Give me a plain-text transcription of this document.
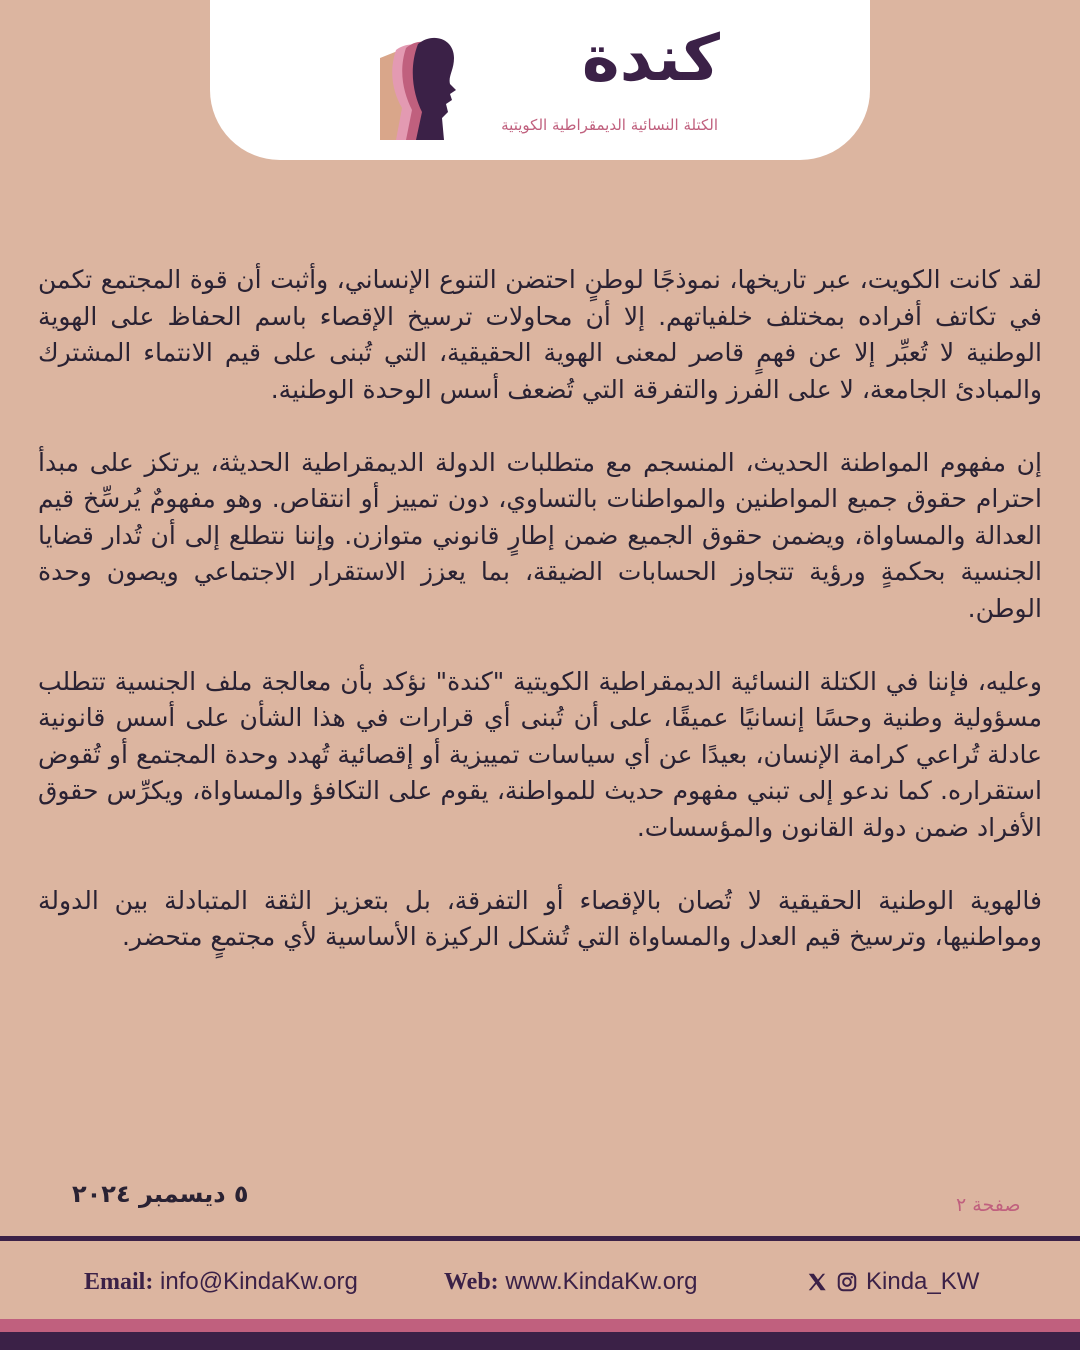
كندة
الكتلة النسائية الديمقراطية الكويتية

لقد كانت الكويت، عبر تاريخها، نموذجًا لوطنٍ احتضن التنوع الإنساني، وأثبت أن قوة المجتمع تكمن في تكاتف أفراده بمختلف خلفياتهم. إلا أن محاولات ترسيخ الإقصاء باسم الحفاظ على الهوية الوطنية لا تُعبِّر إلا عن فهمٍ قاصر لمعنى الهوية الحقيقية، التي تُبنى على قيم الانتماء المشترك والمبادئ الجامعة، لا على الفرز والتفرقة التي تُضعف أسس الوحدة الوطنية.

إن مفهوم المواطنة الحديث، المنسجم مع متطلبات الدولة الديمقراطية الحديثة، يرتكز على مبدأ احترام حقوق جميع المواطنين والمواطنات بالتساوي، دون تمييز أو انتقاص. وهو مفهومٌ يُرسِّخ قيم العدالة والمساواة، ويضمن حقوق الجميع ضمن إطارٍ قانوني متوازن. وإننا نتطلع إلى أن تُدار قضايا الجنسية بحكمةٍ ورؤية تتجاوز الحسابات الضيقة، بما يعزز الاستقرار الاجتماعي ويصون وحدة الوطن.

وعليه، فإننا في الكتلة النسائية الديمقراطية الكويتية "كندة" نؤكد بأن معالجة ملف الجنسية تتطلب مسؤولية وطنية وحسًا إنسانيًا عميقًا، على أن تُبنى أي قرارات في هذا الشأن على أسس قانونية عادلة تُراعي كرامة الإنسان، بعيدًا عن أي سياسات تمييزية أو إقصائية تُهدد وحدة المجتمع أو تُقوض استقراره. كما ندعو إلى تبني مفهوم حديث للمواطنة، يقوم على التكافؤ والمساواة، ويكرِّس حقوق الأفراد ضمن دولة القانون والمؤسسات.

فالهوية الوطنية الحقيقية لا تُصان بالإقصاء أو التفرقة، بل بتعزيز الثقة المتبادلة بين الدولة ومواطنيها، وترسيخ قيم العدل والمساواة التي تُشكل الركيزة الأساسية لأي مجتمعٍ متحضر.

٥ ديسمبر ٢٠٢٤	صفحة ٢
Email: info@KindaKw.org	Web: www.KindaKw.org	Kinda_KW
